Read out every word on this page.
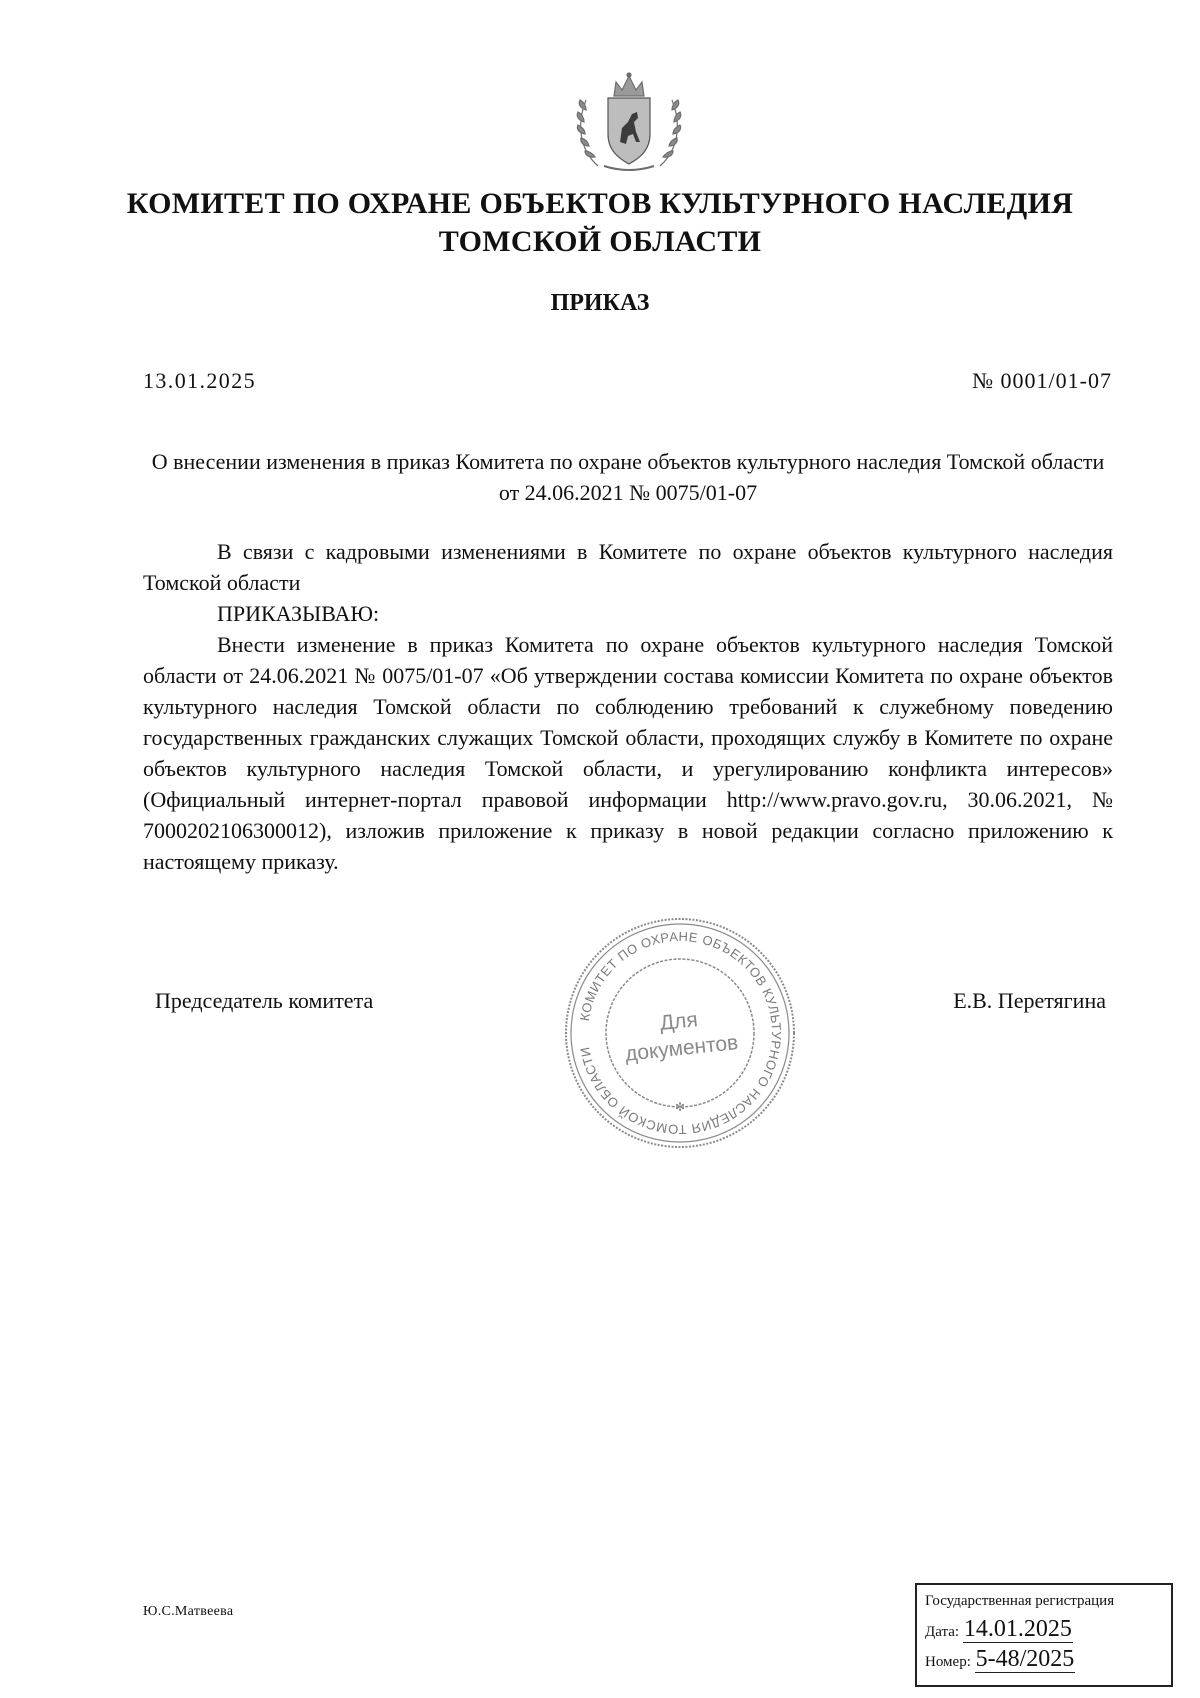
КОМИТЕТ ПО ОХРАНЕ ОБЪЕКТОВ КУЛЬТУРНОГО НАСЛЕДИЯ
ТОМСКОЙ ОБЛАСТИ
ПРИКАЗ
13.01.2025	№ 0001/01-07
О внесении изменения в приказ Комитета по охране объектов культурного наследия Томской области от 24.06.2021 № 0075/01-07

В связи с кадровыми изменениями в Комитете по охране объектов культурного наследия Томской области

ПРИКАЗЫВАЮ:

Внести изменение в приказ Комитета по охране объектов культурного наследия Томской области от 24.06.2021 № 0075/01-07 «Об утверждении состава комиссии Комитета по охране объектов культурного наследия Томской области по соблюдению требований к служебному поведению государственных гражданских служащих Томской области, проходящих службу в Комитете по охране объектов культурного наследия Томской области, и урегулированию конфликта интересов» (Официальный интернет-портал правовой информации http://www.pravo.gov.ru, 30.06.2021, № 7000202106300012), изложив приложение к приказу в новой редакции согласно приложению к настоящему приказу.

Председатель комитета	Е.В. Перетягина
КОМИТЕТ ПО ОХРАНЕ ОБЪЕКТОВ КУЛЬТУРНОГО НАСЛЕДИЯ ТОМСКОЙ ОБЛАСТИ
Для
документов
✻
Ю.С.Матвеева
Государственная регистрация
Дата: 14.01.2025
Номер: 5-48/2025
